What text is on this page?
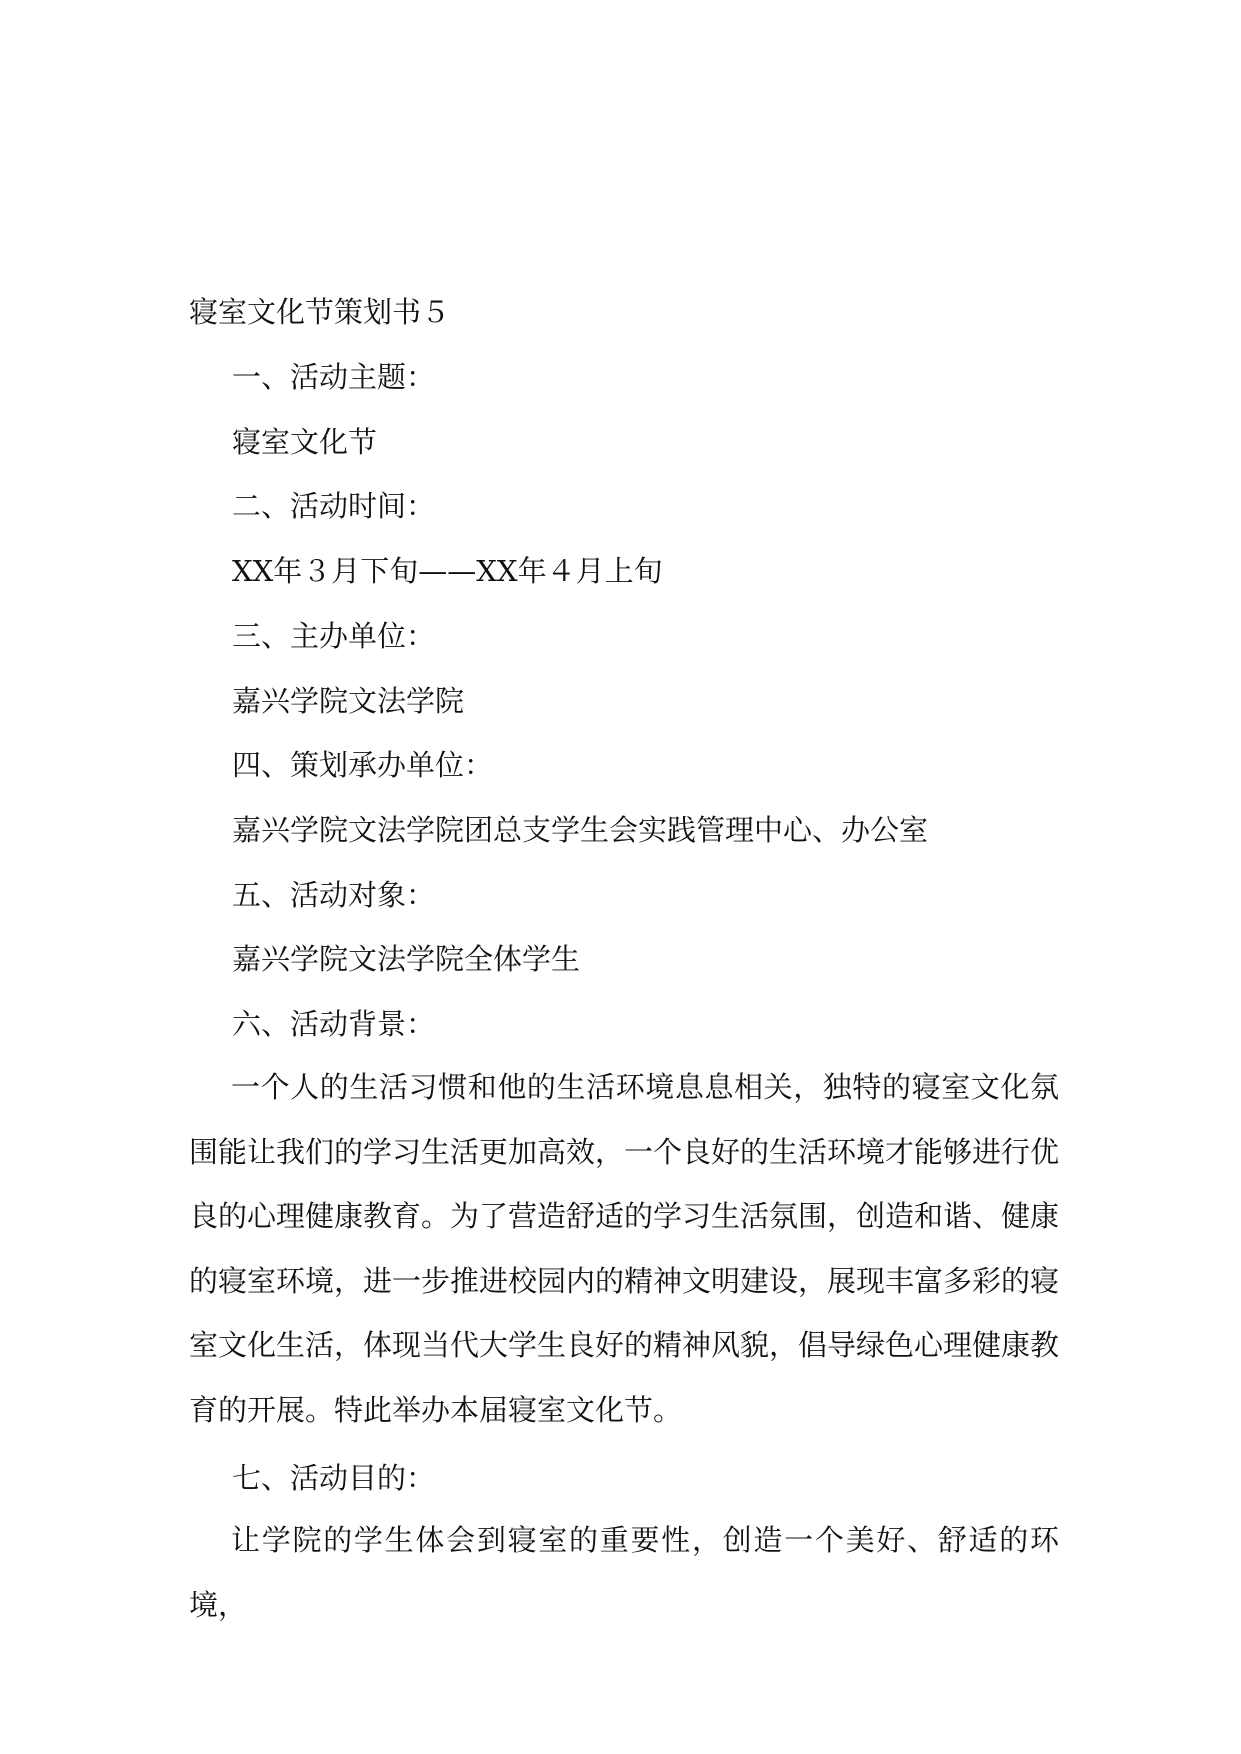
寝室文化节策划书５
一、活动主题：
寝室文化节
二、活动时间：
XX年３月下旬——XX年４月上旬
三、主办单位：
嘉兴学院文法学院
四、策划承办单位：
嘉兴学院文法学院团总支学生会实践管理中心、办公室
五、活动对象：
嘉兴学院文法学院全体学生
六、活动背景：

一个人的生活习惯和他的生活环境息息相关，独特的寝室文化氛围能让我们的学习生活更加高效，一个良好的生活环境才能够进行优良的心理健康教育。为了营造舒适的学习生活氛围，创造和谐、健康的寝室环境，进一步推进校园内的精神文明建设，展现丰富多彩的寝室文化生活，体现当代大学生良好的精神风貌，倡导绿色心理健康教育的开展。特此举办本届寝室文化节。

七、活动目的：

让学院的学生体会到寝室的重要性，创造一个美好、舒适的环境，
